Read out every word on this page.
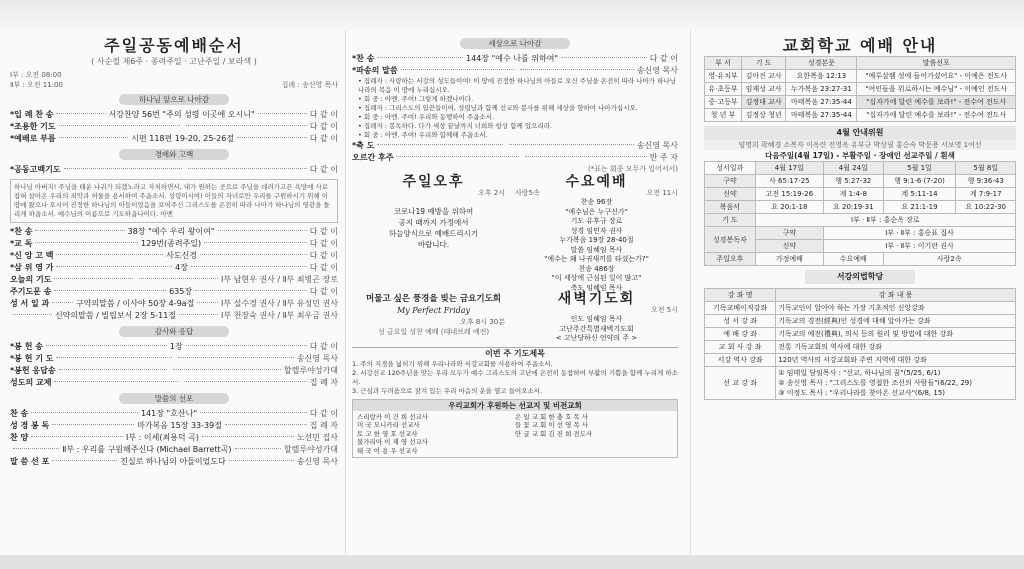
주일공동예배순서
( 사순절 제6주 · 종려주일 · 고난주일 / 보라색 )
Ⅰ부 : 오전 08:00
Ⅱ부 : 오전 11:00	집례 : 송신영 목사
하나님 앞으로 나아감
*입 례 찬 송	서강찬양 56번 "주의 성령 이곳에 오시니"	다 같 이
*조용한 기도	다 같 이
*예배로 부름	시편 118편 19-20, 25-26절	다 같 이
경배와 고백
*공동고백기도	다 같 이
하나님 아버지! 주님을 태운 나귀가 되겠노라고 자처하면서, 내가 원하는 곳으로 주님을 데려가고픈 욕망에 사로잡혀 살아온 우리의 죄악과 허물을 용서하여 주옵소서. 성령이시여! 이들의 자녀로만 우리를 구원하시기 위해 이 땅에 왔으나 오시어 진정한 하나님의 아들이었음을 보여주신 그리스도를 온전히 따라 나아가 하나님의 영광을 돌리게 하옵소서. 예수님의 이름으로 기도하옵나이다. 아멘
*찬 송	38장 "예수 우리 왕이여"	다 같 이
*교 독	129번(종려주일)	다 같 이
*신 앙 고 백	사도신경	다 같 이
*삼 위 영 가	4장	다 같 이
오늘의 기도	Ⅰ부 남현우 권사 / Ⅱ부 최병곤 장로
주기도문 송	635장	다 같 이
성 서 일 과	구약의말씀 / 이사야 50장 4-9a절	Ⅰ부 설수경 권사 / Ⅱ부 유성민 권사
신약의말씀 / 빌립보서 2장 5-11절	Ⅰ부 천장숙 권사 / Ⅱ부 최우금 권사
감사와 응답
*봉 헌 송	1장	다 같 이
*봉 헌 기 도	송신영 목사
*봉헌 응답송	할렐루야성가대
성도의 교제	집 례 자
말씀의 선포
찬 송	141장 "호산나"	다 같 이
성 경 봉 독	마가복음 15장 33-39절	집 례 자
찬 양	Ⅰ부 : 이세(최용덕 곡)	노선민 집사
Ⅱ부 : 우리를 구원해주신다 (Michael Barrett곡)	할렐루야성가대
말 씀 선 포	진실로 하나님의 아들이었도다	송신영 목사
세상으로 나아감
*찬 송	144장 "예수 나를 위하여"	다 같 이
*파송의 말씀	송신영 목사
• 집례자 : 사랑하는 서강의 성도들이여! 이 땅에 진정한 하나님의 아들로 오신 주님을 온전히 따라 나아가 하나님 나라의 복음 이 땅에 누리십시오.
• 회 중 : 아멘. 주여! 그렇게 하겠나이다.
• 집례자 : 그리스도의 일꾼들이여, 성령님과 함께 선교와 봉사를 위해 세상을 향하여 나아가십시오.
• 회 중 : 아멘. 주여! 우리와 동행하여 주옵소서.
• 집례자 : 봉독하다. 다가 세상 끝날까지 너희와 항상 함께 있으리라.
• 회 중 : 아멘. 주여! 우리와 함께해 주옵소서.
*축 도	송신영 목사
오르간 후주	반 주 자
(*표는 회중 모두가 일어서서)
주일오후
오후 2시
코로나19 예방을 위하여
공지 때까지 가정에서
하늘양식으로 예배드리시기
바랍니다.
수요예배
사랑5속	오전 11시
찬송 96장
"예수님은 누구신가"
기도 유후규 장로
성경 임민자 권사
누가복음 19장 28-40절
말씀 임혜임 목사
"예수는 왜 나귀새끼를 타셨는가?"
찬송 486장
"이 세상에 근심된 일이 많고"
축도 임혜임 목사
머물고 싶은 풍경을 빚는 금요기도회
My Perfect Friday
오후 8시 30분
성 금요일 성찬 예배 (테네브레 예전)
새벽기도회
오전 5시
인도 임혜임 목사
고난주간특별새벽기도회
< 고난당하신 언약의 주 >
이번 주 기도제목
1. 주의 지경을 넓히기 위해 우리나라와 서강교회를 사용하여 주옵소서.
2. 서강선교 120주년을 맞는 우리 모두가 예수 그리스도의 고난에 온전히 동참하여 부활의 기쁨을 함께 누리게 하소서.
3. 근심과 두려움으로 잠겨 있는 우리 마음의 운을 열고 들어오소서.
우리교회가 후원하는 선교지 및 비전교회
스리랑카 이 건 희 선교사
미 국 모니카리 선교사
토 고 한 영 호 선교사
불가리아 이 재 영 선교사
태 국 이 용 우 선교사
은 일 교 회 한 충 호 목 사
들 꽃 교 회 이 선 영 목 사
안 글 교 회 김 진 희 전도사
교회학교 예배 안내
부 서	기 도	성경본문	말씀선포
영·유치부	김아진 교사	요한복음 12:13	"예루살렘 성에 들어가셨어요" - 이예은 전도사
유·초등부	임재성 교사	누가복음 23:27-31	"여인들을 위로하시는 예수님" - 이예인 전도사
중·고등부	김정대 교사	마태복음 27:35-44	"십자가에 달린 예수를 보라!" - 전수여 전도사
청 년 부	김정상 청년	마태복음 27:35-44	"십자가에 달린 예수를 보라!" - 전수여 전도사
4월 안내위원
임명희 곽혜경 소복자 이옥련 전영옥 유부규 박상필 홍순숙 박문용 서보명 1여선
다음주일(4월 17일) - 부활주일 · 장애인 선교주일 / 흰색
성서일과	4월 17일	4월 24일	5월 1일	5월 8일
구약	사 65:17-25	행 5:27-32	행 9:1-6 (7-20)	행 9:36-43
신약	고전 15:19-26	계 1:4-8	계 5:11-14	계 7:9-17
복음서	요 20:1-18	요 20:19-31	요 21:1-19	요 10:22-30
기 도	Ⅰ부 · Ⅱ부 : 홍순옥 장로			
성경봉독자	구약	Ⅰ부 · Ⅱ부 : 홍승표 집사		
	신약	Ⅰ부 · Ⅱ부 : 이기란 권사		
주일오후	가정예배	수요예배	사랑2속	
서강의법학당
강 좌 명	강 좌 내 용
기독교베이직강좌	기독교인이 알아야 하는 가장 기초적인 신앙강좌
성 서 강 좌	기독교의 경전(經典)인 성경에 대해 알아가는 강좌
예 배 강 좌	기독교의 예전(禮典), 의식 등의 원리 및 방법에 대한 강좌
교 회 사 강 좌	전통 기독교회의 역사에 대한 강좌
서강 역사 강좌	120년 역사의 서강교회와 주변 지역에 대한 강좌
선 교 강 좌	① 임태일 담임목사 : "선교, 하나님의 꿈"(5/25, 6/1)
② 송신영 목사 : "그리스도를 영접한 조선의 사람들"(6/22, 29)
③ 이정도 목사 : "우리나라를 찾아온 선교사"(6/8, 15)
